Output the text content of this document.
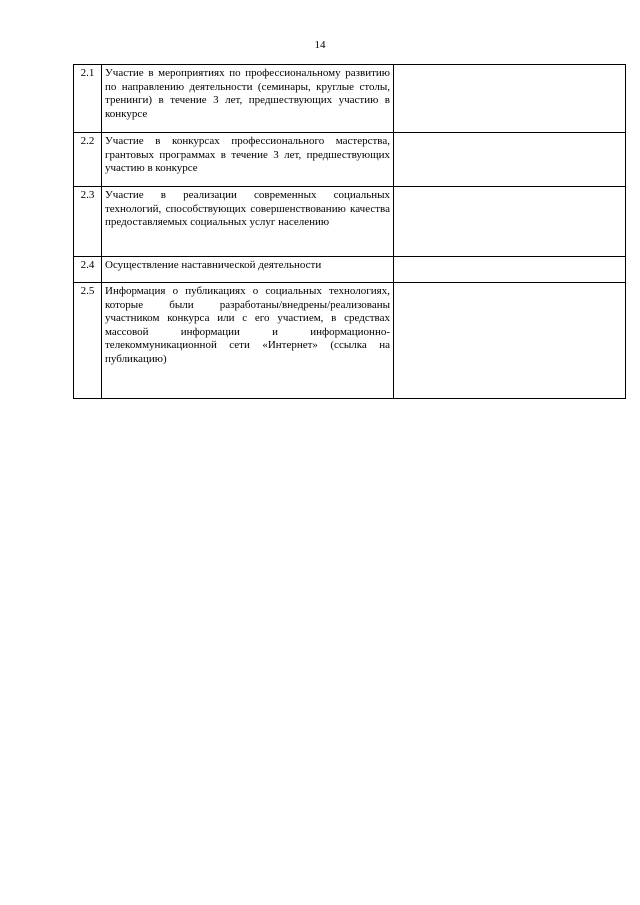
14
2.1	Участие в мероприятиях по профессиональному развитию по направлению деятельности (семинары, круглые столы, тренинги) в течение 3 лет, предшествующих участию в конкурсе	
2.2	Участие в конкурсах профессионального мастерства, грантовых программах в течение 3 лет, предшествующих участию в конкурсе	
2.3	Участие в реализации современных социальных технологий, способствующих совершенствованию качества предоставляемых социальных услуг населению	
2.4	Осуществление наставнической деятельности	
2.5	Информация о публикациях о социальных технологиях, которые были разработаны/внедрены/реализованы участником конкурса или с его участием, в средствах массовой информации и информационно-телекоммуникационной сети «Интернет» (ссылка на публикацию)	
